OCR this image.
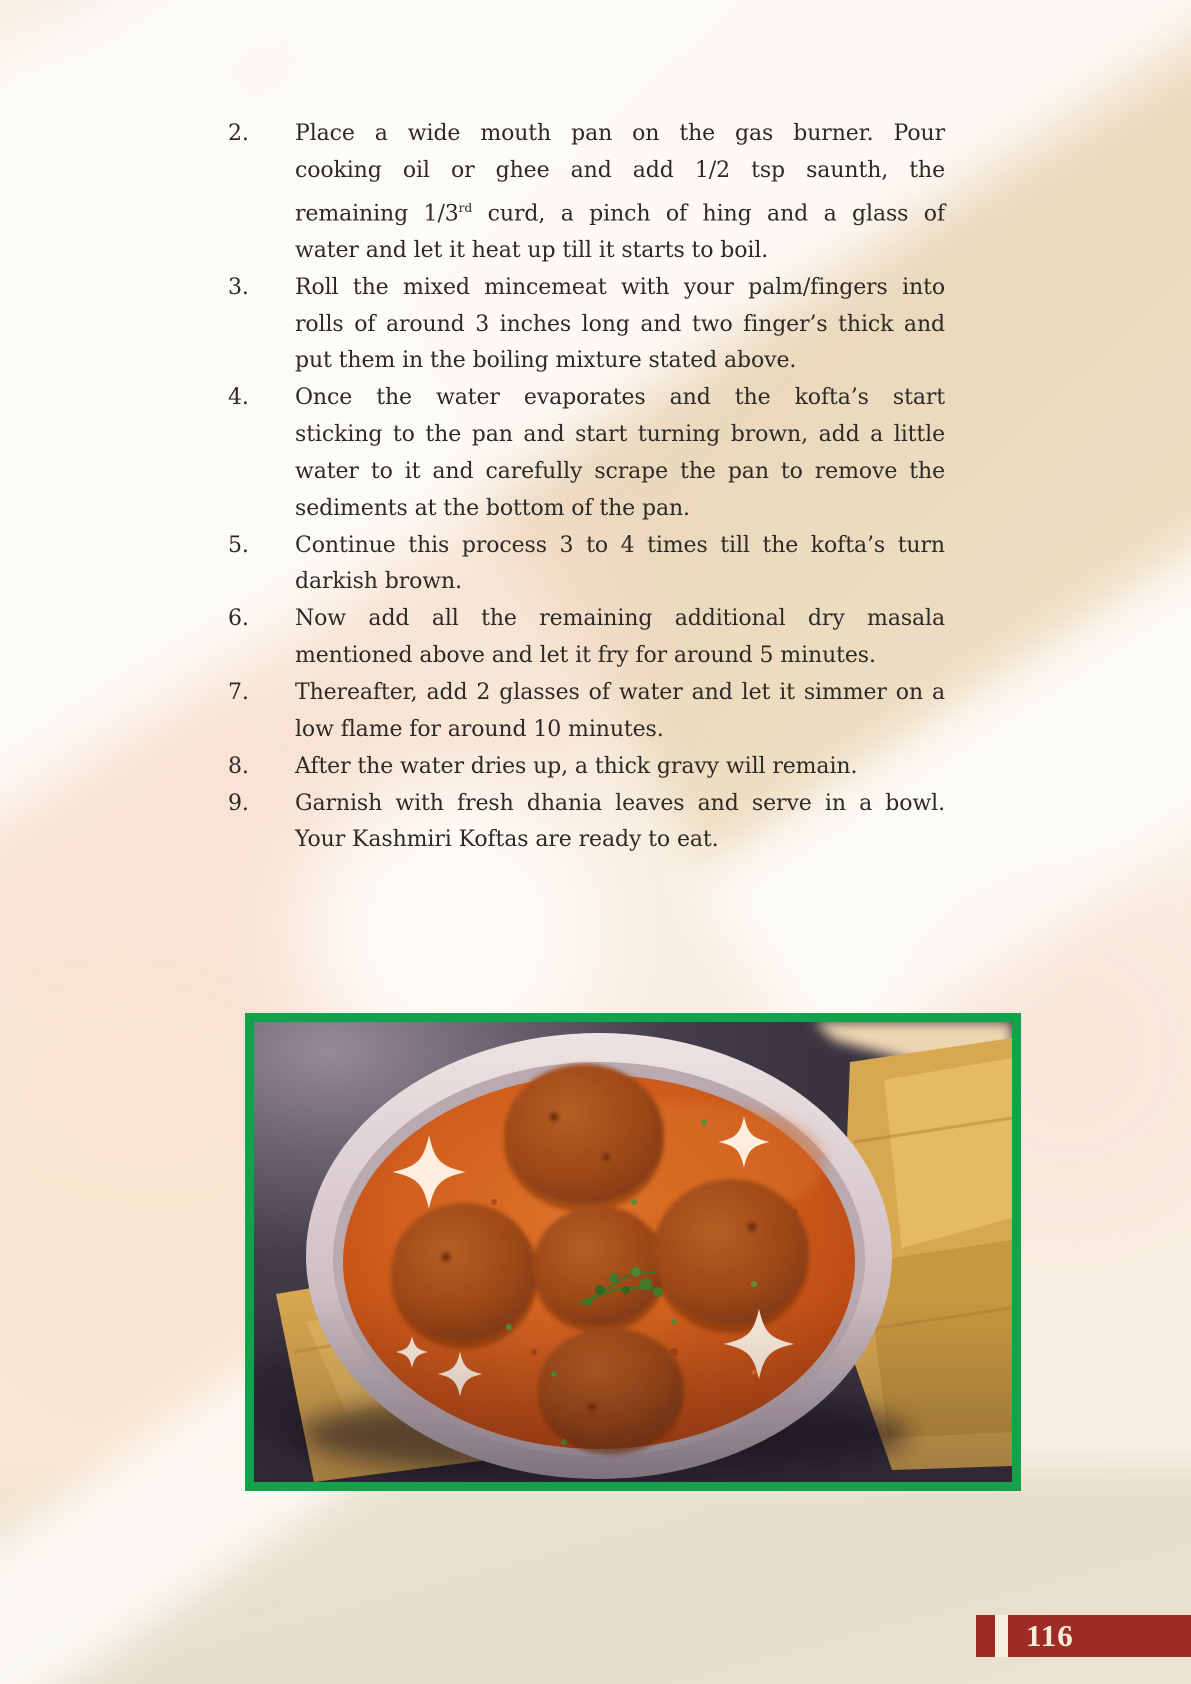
2.	Place a wide mouth pan on the gas burner. Pour
cooking oil or ghee and add 1/2 tsp saunth, the
remaining 1/3rd curd, a pinch of hing and a glass of
water and let it heat up till it starts to boil.
3.	Roll the mixed mincemeat with your palm/fingers into
rolls of around 3 inches long and two finger’s thick and
put them in the boiling mixture stated above.
4.	Once the water evaporates and the kofta’s start
sticking to the pan and start turning brown, add a little
water to it and carefully scrape the pan to remove the
sediments at the bottom of the pan.
5.	Continue this process 3 to 4 times till the kofta’s turn
darkish brown.
6.	Now add all the remaining additional dry masala
mentioned above and let it fry for around 5 minutes.
7.	Thereafter, add 2 glasses of water and let it simmer on a
low flame for around 10 minutes.
8.	After the water dries up, a thick gravy will remain.
9.	Garnish with fresh dhania leaves and serve in a bowl.
Your Kashmiri Koftas are ready to eat.
116
